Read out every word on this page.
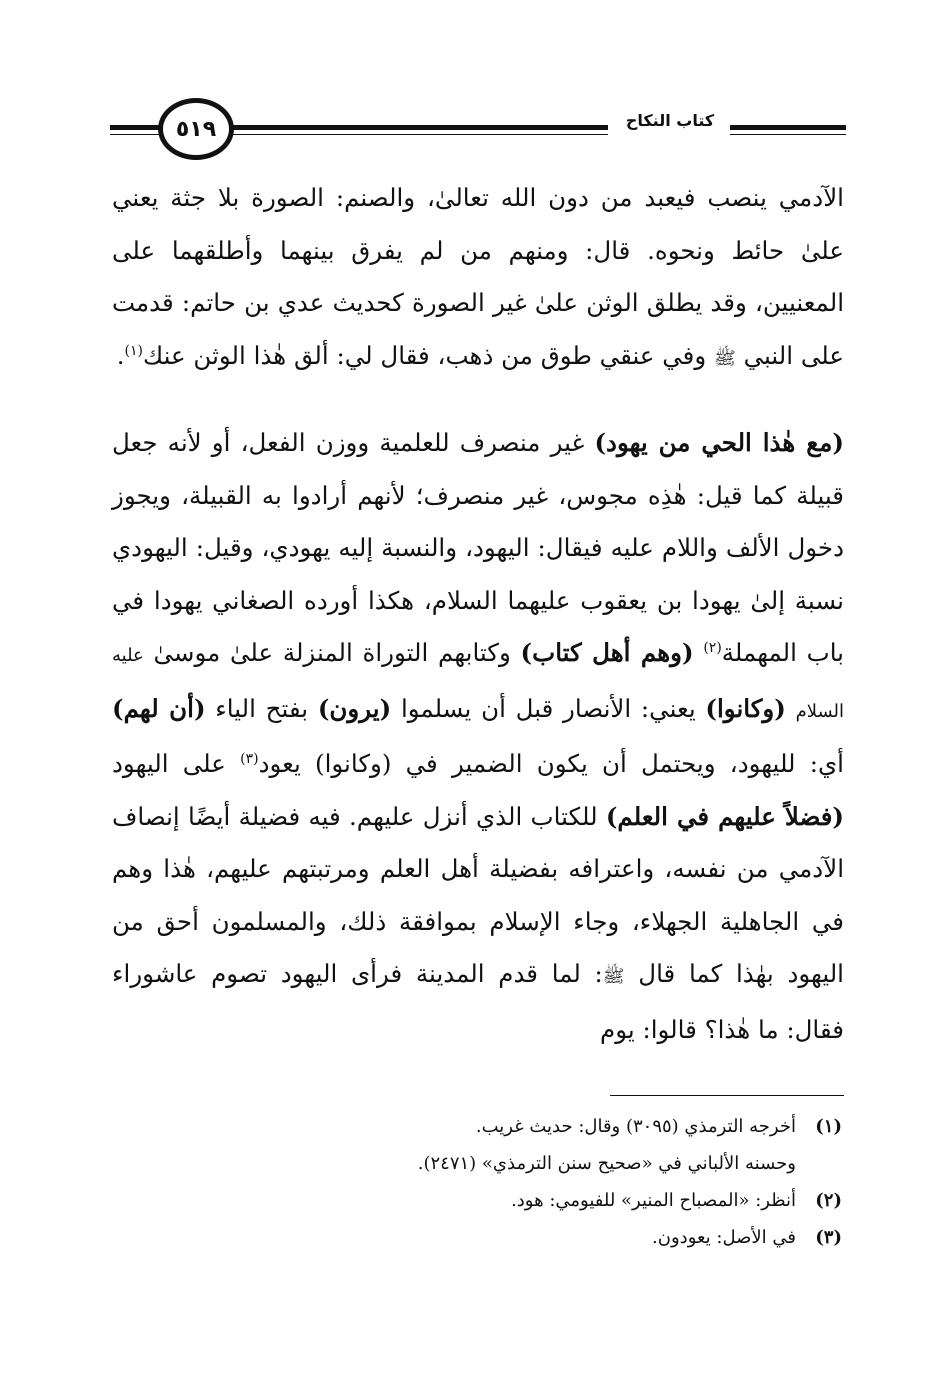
٥١٩	كتاب النكاح

الآدمي ينصب فيعبد من دون الله تعالىٰ، والصنم: الصورة بلا جثة يعني علىٰ حائط ونحوه. قال: ومنهم من لم يفرق بينهما وأطلقهما على المعنيين، وقد يطلق الوثن علىٰ غير الصورة كحديث عدي بن حاتم: قدمت على النبي ﷺ وفي عنقي طوق من ذهب، فقال لي: ألق هٰذا الوثن عنك$^{(١)}$.

(مع هٰذا الحي من يهود) غير منصرف للعلمية ووزن الفعل، أو لأنه جعل قبيلة كما قيل: هٰذِه مجوس، غير منصرف؛ لأنهم أرادوا به القبيلة، ويجوز دخول الألف واللام عليه فيقال: اليهود، والنسبة إليه يهودي، وقيل: اليهودي نسبة إلىٰ يهودا بن يعقوب عليهما السلام، هكذا أورده الصغاني يهودا في باب المهملة$^{(٢)}$ (وهم أهل كتاب) وكتابهم التوراة المنزلة علىٰ موسىٰ عليه السلام (وكانوا) يعني: الأنصار قبل أن يسلموا (يرون) بفتح الياء (أن لهم) أي: لليهود، ويحتمل أن يكون الضمير في (وكانوا) يعود$^{(٣)}$ على اليهود (فضلاً عليهم في العلم) للكتاب الذي أنزل عليهم. فيه فضيلة أيضًا إنصاف الآدمي من نفسه، واعترافه بفضيلة أهل العلم ومرتبتهم عليهم، هٰذا وهم في الجاهلية الجهلاء، وجاء الإسلام بموافقة ذلك، والمسلمون أحق من اليهود بهٰذا كما قال ﷺ: لما قدم المدينة فرأى اليهود تصوم عاشوراء فقال: ما هٰذا؟ قالوا: يوم

(١)أخرجه الترمذي (٣٠٩٥) وقال: حديث غريب.
وحسنه الألباني في «صحيح سنن الترمذي» (٢٤٧١).
(٢)أنظر: «المصباح المنير» للفيومي: هود.
(٣)في الأصل: يعودون.
